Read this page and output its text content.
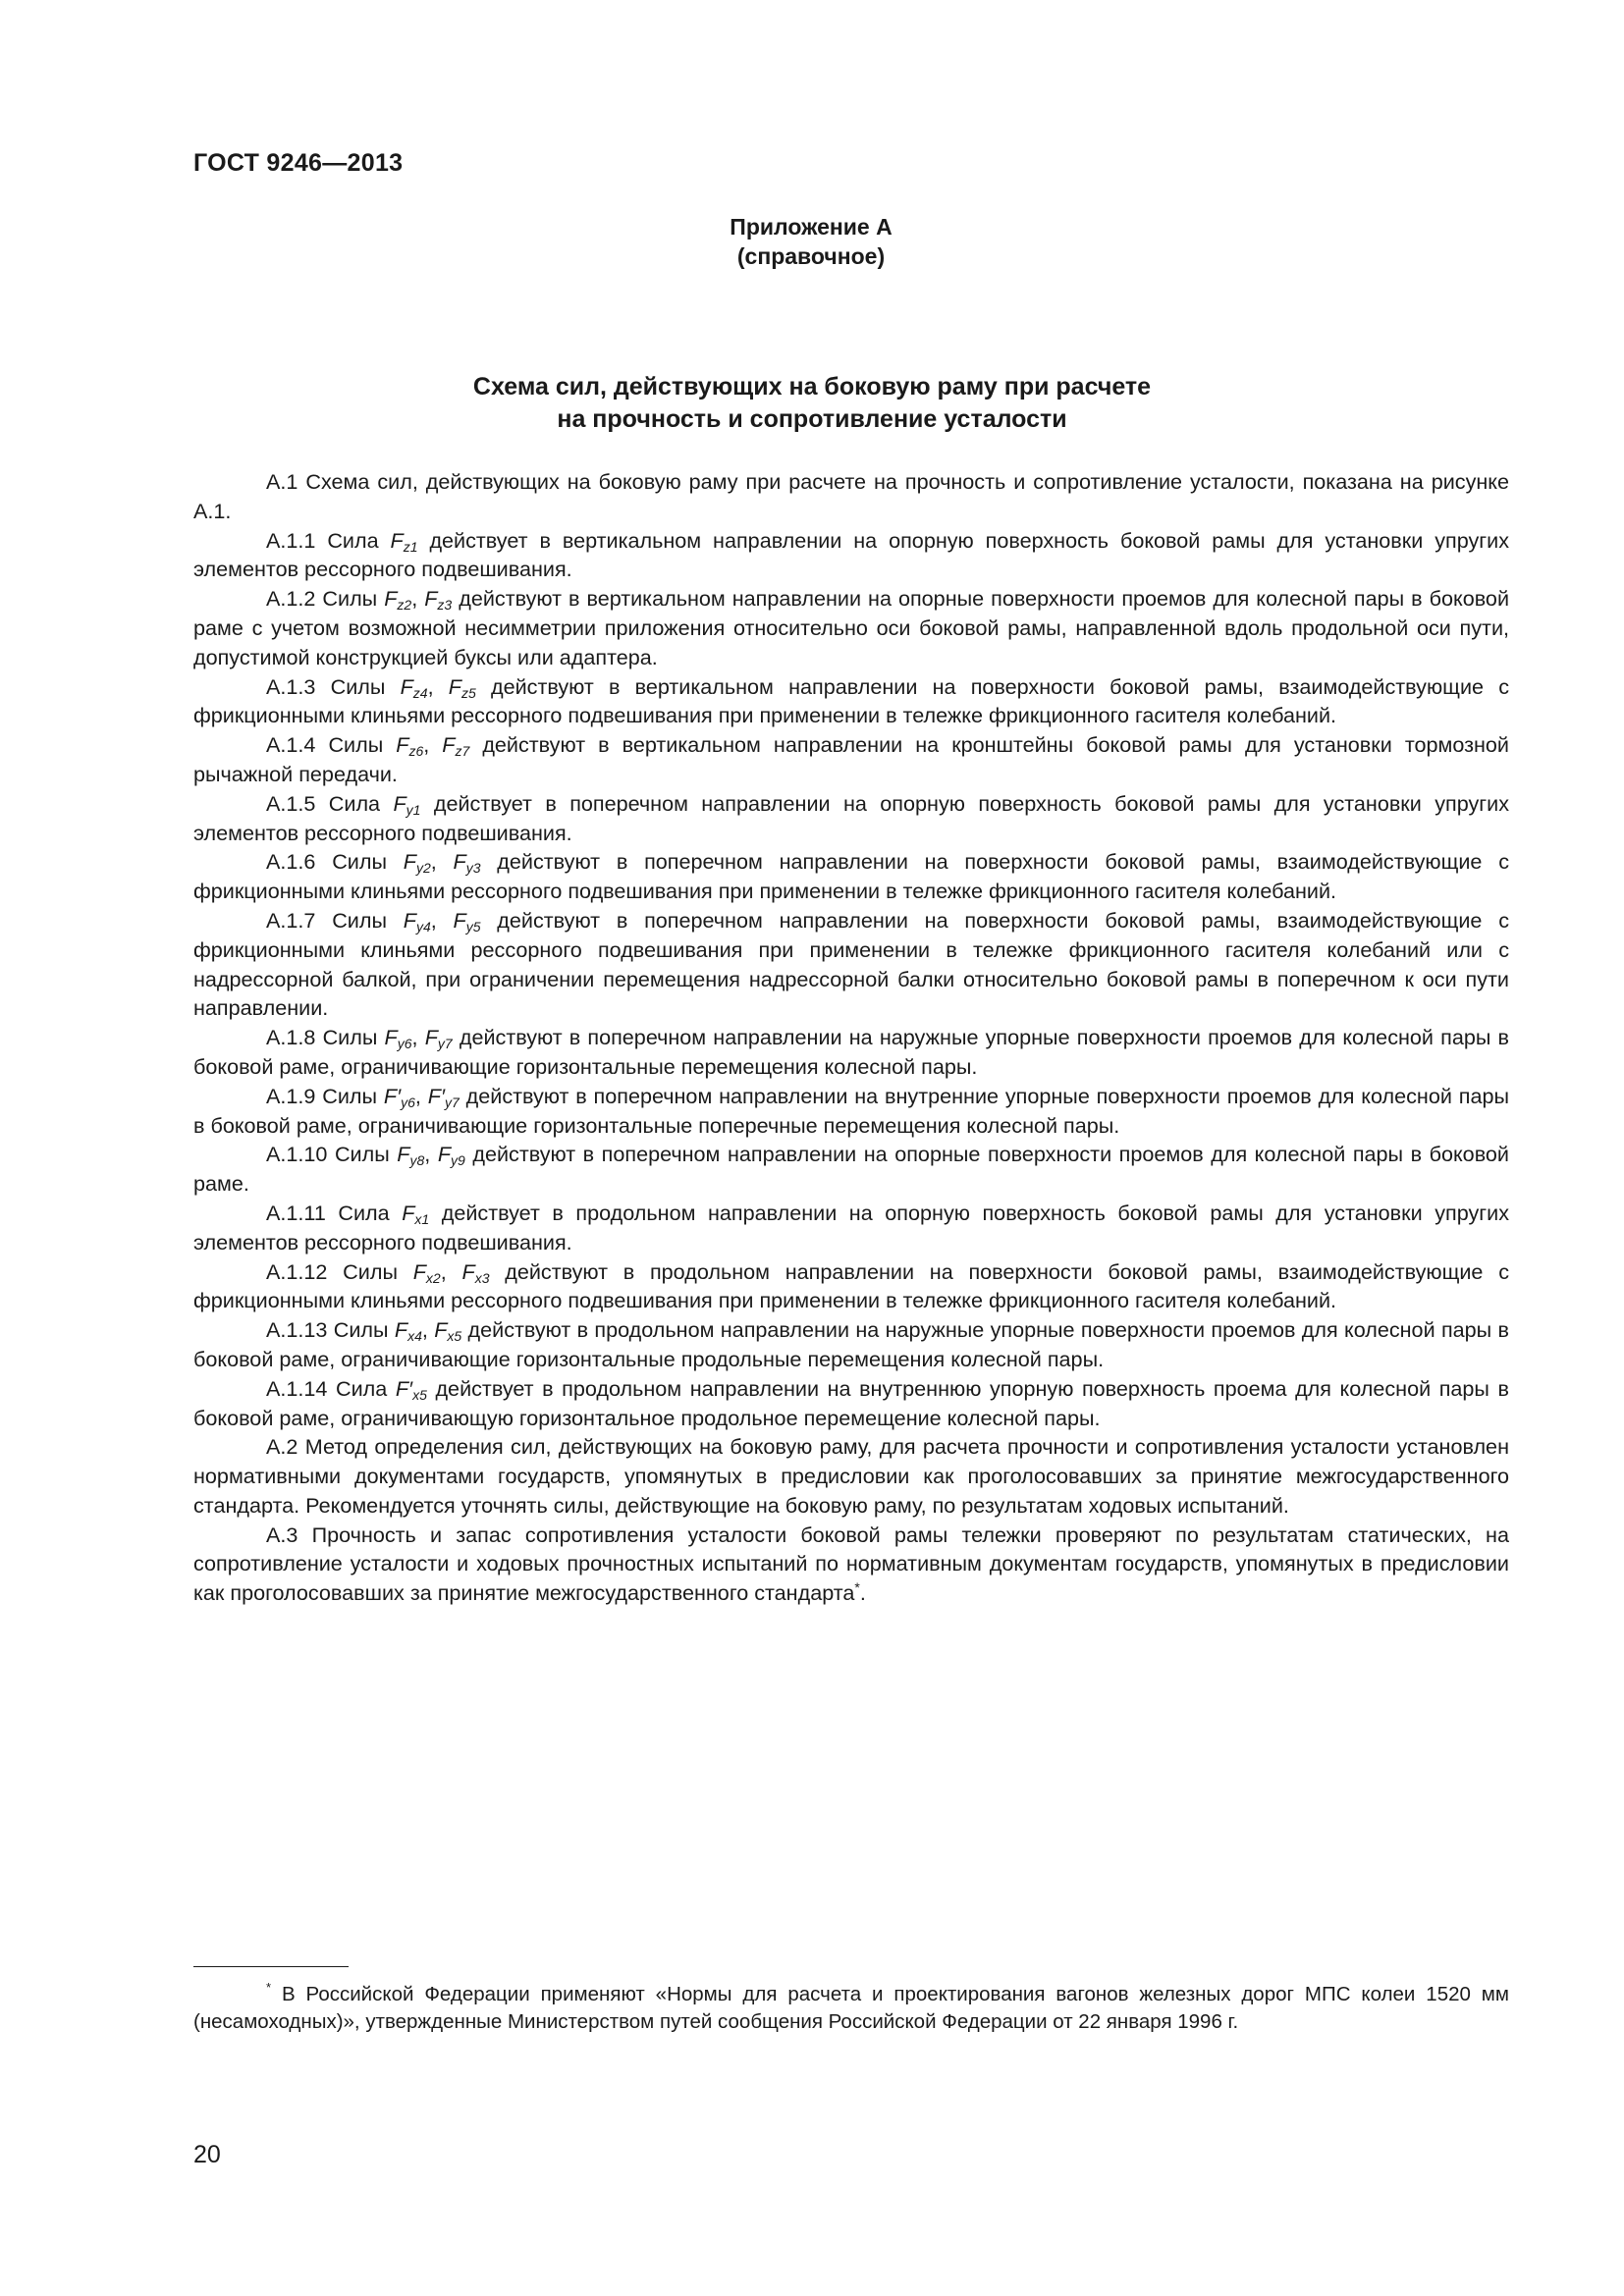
ГОСТ 9246—2013
Приложение А
(справочное)
Схема сил, действующих на боковую раму при расчете
на прочность и сопротивление усталости

А.1 Схема сил, действующих на боковую раму при расчете на прочность и сопротивление усталости, показана на рисунке А.1.

А.1.1 Сила $F_{z1}$ действует в вертикальном направлении на опорную поверхность боковой рамы для установки упругих элементов рессорного подвешивания.

А.1.2 Силы $F_{z2}$, $F_{z3}$ действуют в вертикальном направлении на опорные поверхности проемов для колесной пары в боковой раме с учетом возможной несимметрии приложения относительно оси боковой рамы, направленной вдоль продольной оси пути, допустимой конструкцией буксы или адаптера.

А.1.3 Силы $F_{z4}$, $F_{z5}$ действуют в вертикальном направлении на поверхности боковой рамы, взаимодействующие с фрикционными клиньями рессорного подвешивания при применении в тележке фрикционного гасителя колебаний.

А.1.4 Силы $F_{z6}$, $F_{z7}$ действуют в вертикальном направлении на кронштейны боковой рамы для установки тормозной рычажной передачи.

А.1.5 Сила $F_{y1}$ действует в поперечном направлении на опорную поверхность боковой рамы для установки упругих элементов рессорного подвешивания.

А.1.6 Силы $F_{y2}$, $F_{y3}$ действуют в поперечном направлении на поверхности боковой рамы, взаимодействующие с фрикционными клиньями рессорного подвешивания при применении в тележке фрикционного гасителя колебаний.

А.1.7 Силы $F_{y4}$, $F_{y5}$ действуют в поперечном направлении на поверхности боковой рамы, взаимодействующие с фрикционными клиньями рессорного подвешивания при применении в тележке фрикционного гасителя колебаний или с надрессорной балкой, при ограничении перемещения надрессорной балки относительно боковой рамы в поперечном к оси пути направлении.

А.1.8 Силы $F_{y6}$, $F_{y7}$ действуют в поперечном направлении на наружные упорные поверхности проемов для колесной пары в боковой раме, ограничивающие горизонтальные перемещения колесной пары.

А.1.9 Силы $F'_{y6}$, $F'_{y7}$ действуют в поперечном направлении на внутренние упорные поверхности проемов для колесной пары в боковой раме, ограничивающие горизонтальные поперечные перемещения колесной пары.

А.1.10 Силы $F_{y8}$, $F_{y9}$ действуют в поперечном направлении на опорные поверхности проемов для колесной пары в боковой раме.

А.1.11 Сила $F_{x1}$ действует в продольном направлении на опорную поверхность боковой рамы для установки упругих элементов рессорного подвешивания.

А.1.12 Силы $F_{x2}$, $F_{x3}$ действуют в продольном направлении на поверхности боковой рамы, взаимодействующие с фрикционными клиньями рессорного подвешивания при применении в тележке фрикционного гасителя колебаний.

А.1.13 Силы $F_{x4}$, $F_{x5}$ действуют в продольном направлении на наружные упорные поверхности проемов для колесной пары в боковой раме, ограничивающие горизонтальные продольные перемещения колесной пары.

А.1.14 Сила $F'_{x5}$ действует в продольном направлении на внутреннюю упорную поверхность проема для колесной пары в боковой раме, ограничивающую горизонтальное продольное перемещение колесной пары.

А.2 Метод определения сил, действующих на боковую раму, для расчета прочности и сопротивления усталости установлен нормативными документами государств, упомянутых в предисловии как проголосовавших за принятие межгосударственного стандарта. Рекомендуется уточнять силы, действующие на боковую раму, по результатам ходовых испытаний.

А.3 Прочность и запас сопротивления усталости боковой рамы тележки проверяют по результатам статических, на сопротивление усталости и ходовых прочностных испытаний по нормативным документам государств, упомянутых в предисловии как проголосовавших за принятие межгосударственного стандарта*.

* В Российской Федерации применяют «Нормы для расчета и проектирования вагонов железных дорог МПС колеи 1520 мм (несамоходных)», утвержденные Министерством путей сообщения Российской Федерации от 22 января 1996 г.
20
